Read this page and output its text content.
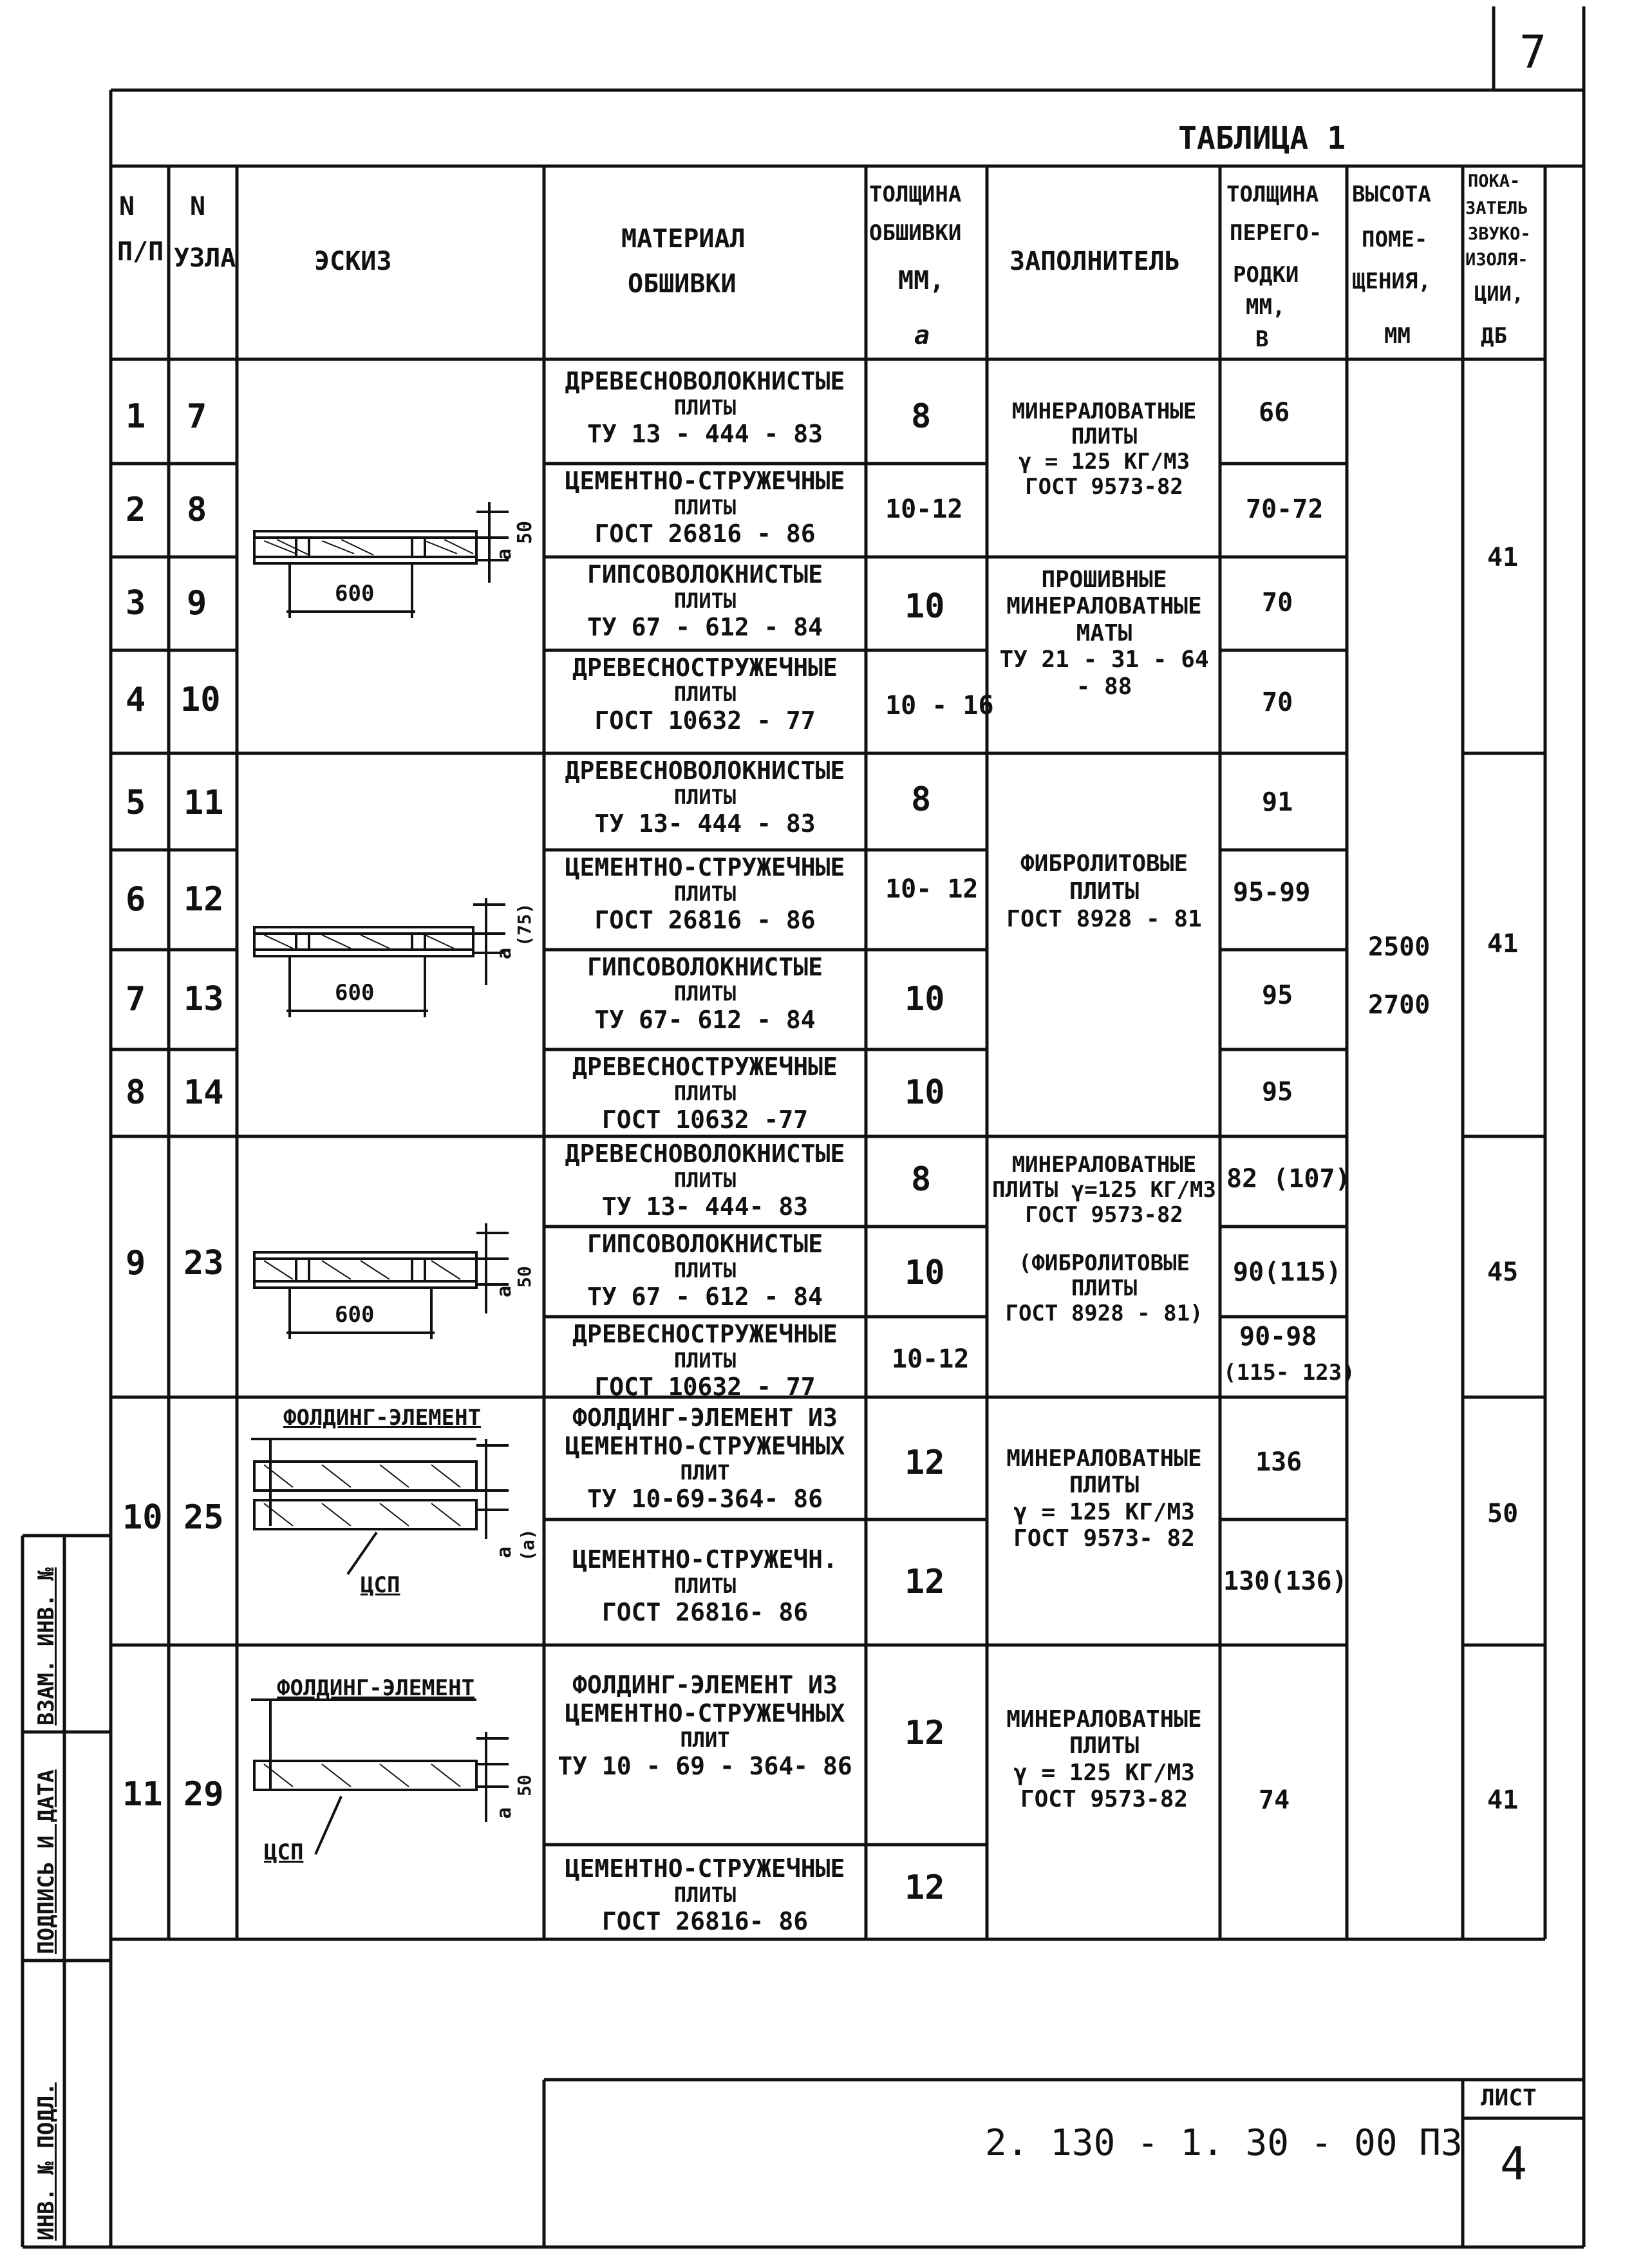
7
ТАБЛИЦА 1
N
П/П
N
УЗЛА	ЭСКИЗ
МАТЕРИАЛ
ОБШИВКИ
ТОЛЩИНА
ОБШИВКИ
ММ,
a
ЗАПОЛНИТЕЛЬ
ТОЛЩИНА
ПЕРЕГО-
РОДКИ
ММ,
B
ВЫСОТА
ПОМЕ-
ЩЕНИЯ,
ММ
ПОКА-
ЗАТЕЛЬ
ЗВУКО-
ИЗОЛЯ-
ЦИИ,
ДБ
1 7
2 8
3 9
4 10
5 11
6 12
7 13
8 14
9 23
10 25
11 29
ДРЕВЕСНОВОЛОКНИСТЫЕ
ПЛИТЫ
ТУ 13 - 444 - 83
ЦЕМЕНТНО-СТРУЖЕЧНЫЕ
ПЛИТЫ
ГОСТ 26816 - 86
ГИПСОВОЛОКНИСТЫЕ
ПЛИТЫ
ТУ 67 - 612 - 84
ДРЕВЕСНОСТРУЖЕЧНЫЕ
ПЛИТЫ
ГОСТ 10632 - 77
ДРЕВЕСНОВОЛОКНИСТЫЕ
ПЛИТЫ
ТУ 13- 444 - 83
ЦЕМЕНТНО-СТРУЖЕЧНЫЕ
ПЛИТЫ
ГОСТ 26816 - 86
ГИПСОВОЛОКНИСТЫЕ
ПЛИТЫ
ТУ 67- 612 - 84
ДРЕВЕСНОСТРУЖЕЧНЫЕ
ПЛИТЫ
ГОСТ 10632 -77
ДРЕВЕСНОВОЛОКНИСТЫЕ
ПЛИТЫ
ТУ 13- 444- 83
ГИПСОВОЛОКНИСТЫЕ
ПЛИТЫ
ТУ 67 - 612 - 84
ДРЕВЕСНОСТРУЖЕЧНЫЕ
ПЛИТЫ
ГОСТ 10632 - 77
ФОЛДИНГ-ЭЛЕМЕНТ ИЗ
ЦЕМЕНТНО-СТРУЖЕЧНЫХ
ПЛИТ
ТУ 10-69-364- 86
ЦЕМЕНТНО-СТРУЖЕЧН.
ПЛИТЫ
ГОСТ 26816- 86
ФОЛДИНГ-ЭЛЕМЕНТ ИЗ
ЦЕМЕНТНО-СТРУЖЕЧНЫХ
ПЛИТ
ТУ 10 - 69 - 364- 86
ЦЕМЕНТНО-СТРУЖЕЧНЫЕ
ПЛИТЫ
ГОСТ 26816- 86
8
10-12
10
10 - 16
8
10- 12
10
10
8
10
10-12
12
12
12
12
МИНЕРАЛОВАТНЫЕ
ПЛИТЫ
γ = 125 КГ/М3
ГОСТ 9573-82
ПРОШИВНЫЕ
МИНЕРАЛОВАТНЫЕ
МАТЫ
ТУ 21 - 31 - 64 - 88
ФИБРОЛИТОВЫЕ
ПЛИТЫ
ГОСТ 8928 - 81
МИНЕРАЛОВАТНЫЕ
ПЛИТЫ γ=125 КГ/М3
ГОСТ 9573-82
(ФИБРОЛИТОВЫЕ
ПЛИТЫ
ГОСТ 8928 - 81)
МИНЕРАЛОВАТНЫЕ
ПЛИТЫ
γ = 125 КГ/М3
ГОСТ 9573- 82
МИНЕРАЛОВАТНЫЕ
ПЛИТЫ
γ = 125 КГ/М3
ГОСТ 9573-82
66
70-72
70
70
91
95-99
95
95
82 (107)
90(115)
90-98
(115- 123)
136
130(136)
74
2500
2700
41
41
45
50
41
600
600
600
ФОЛДИНГ-ЭЛЕМЕНТ
ЦСП
ФОЛДИНГ-ЭЛЕМЕНТ
ЦСП
a
50
a
(75)
a
50
a (a)
a
50
2. 130 - 1. 30 - 00 ПЗ
ЛИСТ
4
ИНВ. № ПОДЛ.
ПОДПИСЬ И ДАТА
ВЗАМ. ИНВ. №
